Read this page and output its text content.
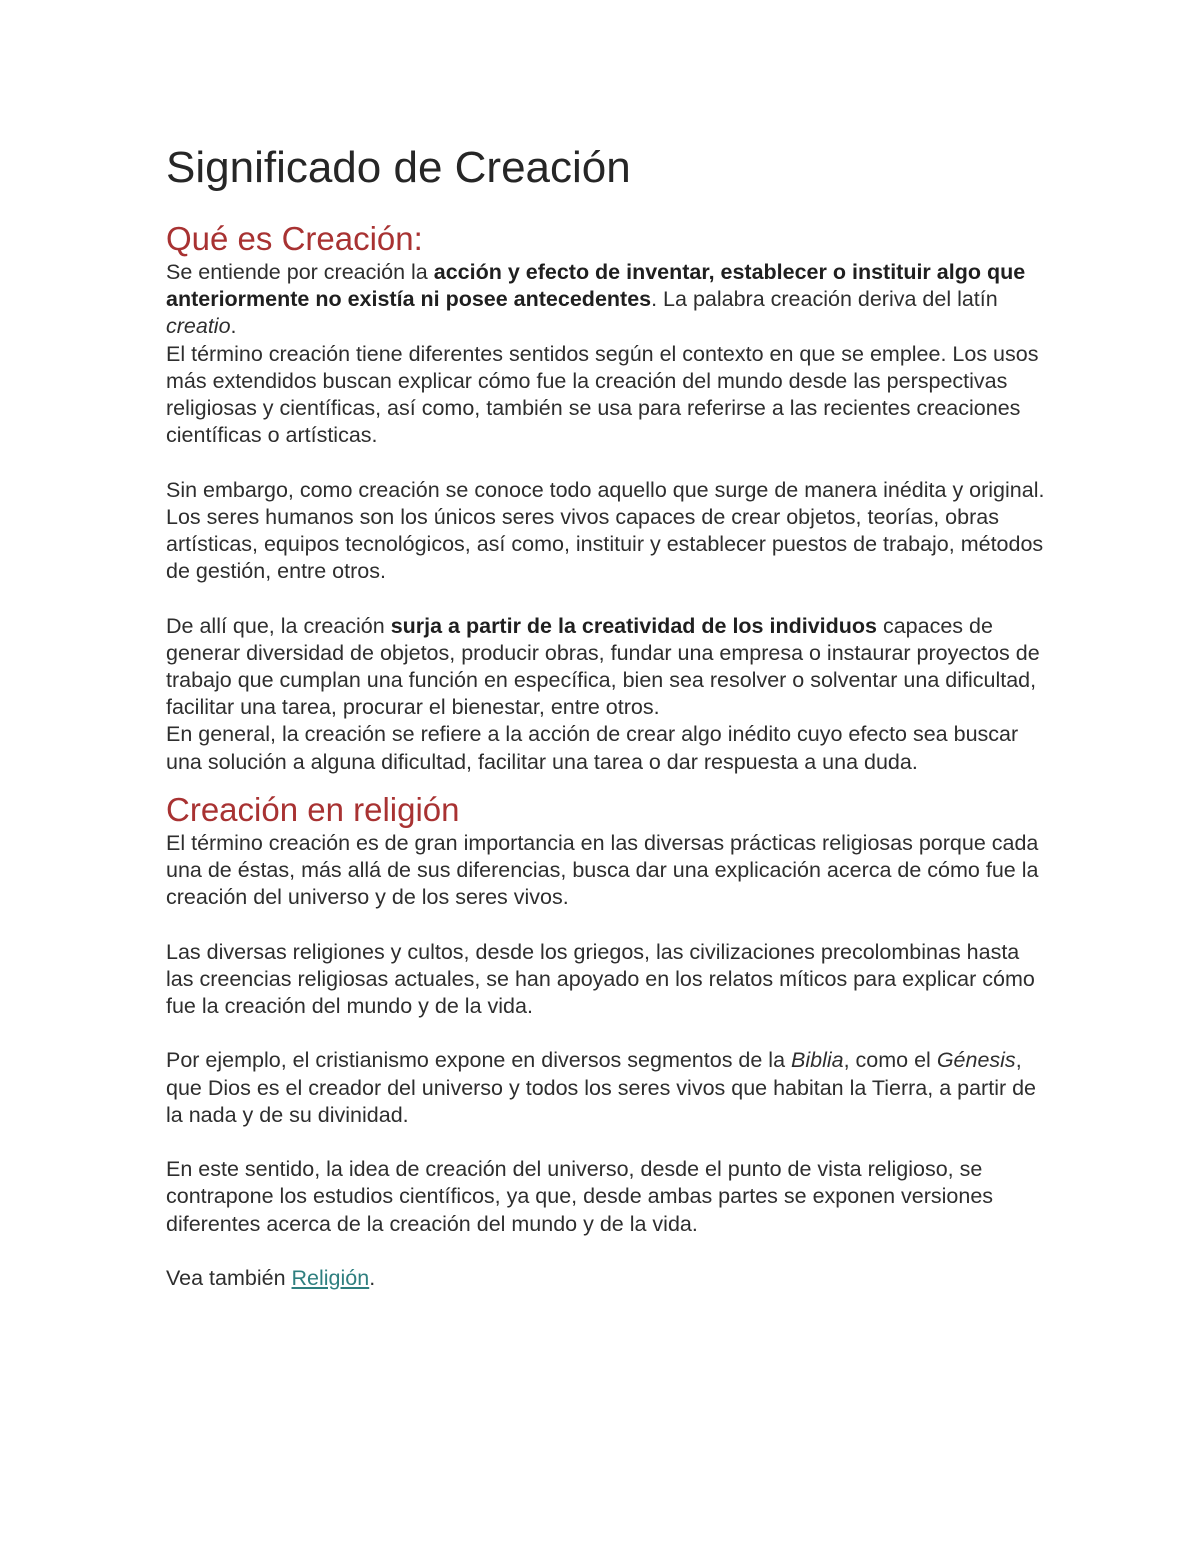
Significado de Creación
Qué es Creación:

Se entiende por creación la acción y efecto de inventar, establecer o instituir algo que anteriormente no existía ni posee antecedentes. La palabra creación deriva del latín creatio.

El término creación tiene diferentes sentidos según el contexto en que se emplee. Los usos más extendidos buscan explicar cómo fue la creación del mundo desde las perspectivas religiosas y científicas, así como, también se usa para referirse a las recientes creaciones científicas o artísticas.

Sin embargo, como creación se conoce todo aquello que surge de manera inédita y original. Los seres humanos son los únicos seres vivos capaces de crear objetos, teorías, obras artísticas, equipos tecnológicos, así como, instituir y establecer puestos de trabajo, métodos de gestión, entre otros.

De allí que, la creación surja a partir de la creatividad de los individuos capaces de generar diversidad de objetos, producir obras, fundar una empresa o instaurar proyectos de trabajo que cumplan una función en específica, bien sea resolver o solventar una dificultad, facilitar una tarea, procurar el bienestar, entre otros.

En general, la creación se refiere a la acción de crear algo inédito cuyo efecto sea buscar una solución a alguna dificultad, facilitar una tarea o dar respuesta a una duda.

Creación en religión

El término creación es de gran importancia en las diversas prácticas religiosas porque cada una de éstas, más allá de sus diferencias, busca dar una explicación acerca de cómo fue la creación del universo y de los seres vivos.

Las diversas religiones y cultos, desde los griegos, las civilizaciones precolombinas hasta las creencias religiosas actuales, se han apoyado en los relatos míticos para explicar cómo fue la creación del mundo y de la vida.

Por ejemplo, el cristianismo expone en diversos segmentos de la Biblia, como el Génesis, que Dios es el creador del universo y todos los seres vivos que habitan la Tierra, a partir de la nada y de su divinidad.

En este sentido, la idea de creación del universo, desde el punto de vista religioso, se contrapone los estudios científicos, ya que, desde ambas partes se exponen versiones diferentes acerca de la creación del mundo y de la vida.

Vea también Religión.
